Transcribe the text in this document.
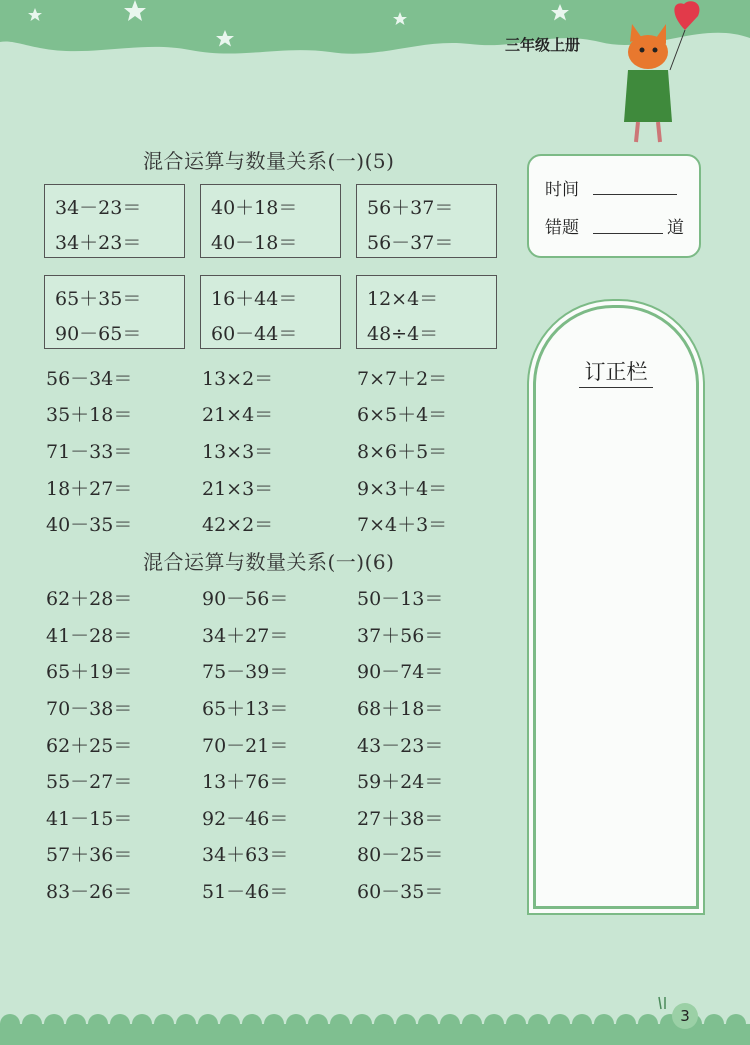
三年级上册
混合运算与数量关系(一)(5)
34－23＝
34＋23＝
40＋18＝
40－18＝
56＋37＝
56－37＝
65＋35＝
90－65＝
16＋44＝
60－44＝
12×4＝
48÷4＝
56－34＝	13×2＝	7×7＋2＝
35＋18＝	21×4＝	6×5＋4＝
71－33＝	13×3＝	8×6＋5＝
18＋27＝	21×3＝	9×3＋4＝
40－35＝	42×2＝	7×4＋3＝
混合运算与数量关系(一)(6)
62＋28＝	90－56＝	50－13＝
41－28＝	34＋27＝	37＋56＝
65＋19＝	75－39＝	90－74＝
70－38＝	65＋13＝	68＋18＝
62＋25＝	70－21＝	43－23＝
55－27＝	13＋76＝	59＋24＝
41－15＝	92－46＝	27＋38＝
57＋36＝	34＋63＝	80－25＝
83－26＝	51－46＝	60－35＝
时间
错题	道
订正栏
3
